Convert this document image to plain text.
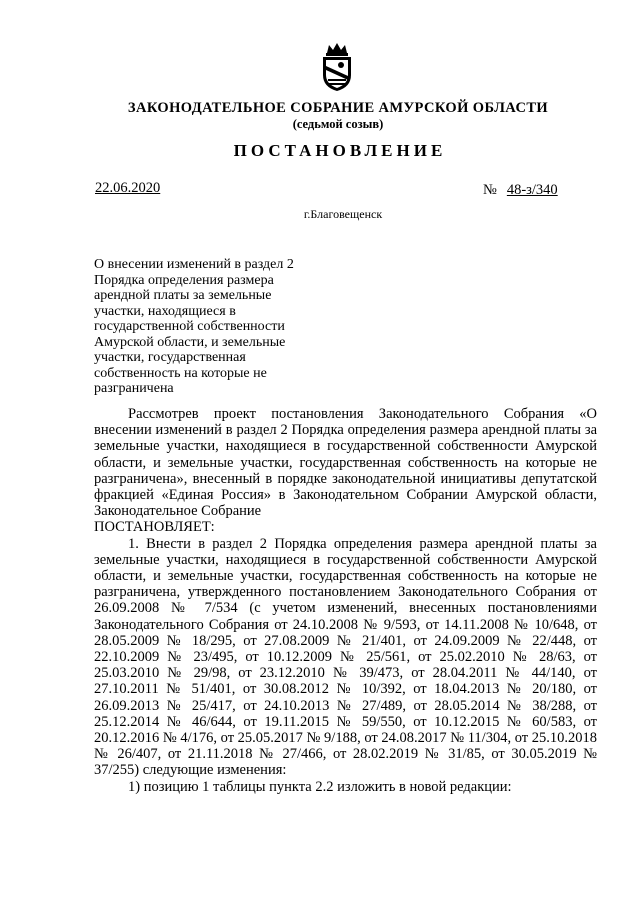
ЗАКОНОДАТЕЛЬНОЕ СОБРАНИЕ АМУРСКОЙ ОБЛАСТИ
(седьмой созыв)
ПОСТАНОВЛЕНИЕ
22.06.2020	№ 48-з/340
г.Благовещенск
О внесении изменений в раздел 2 Порядка определения размера арендной платы за земельные участки, находящиеся в государственной собственности Амурской области, и земельные участки, государственная собственность на которые не разграничена

Рассмотрев проект постановления Законодательного Собрания «О внесении изменений в раздел 2 Порядка определения размера арендной платы за земельные участки, находящиеся в государственной собственности Амурской области, и земельные участки, государственная собственность на которые не разграничена», внесенный в порядке законодательной инициативы депутатской фракцией «Единая Россия» в Законодательном Собрании Амурской области, Законодательное Собрание

ПОСТАНОВЛЯЕТ:

1. Внести в раздел 2 Порядка определения размера арендной платы за земельные участки, находящиеся в государственной собственности Амурской области, и земельные участки, государственная собственность на которые не разграничена, утвержденного постановлением Законодательного Собрания от 26.09.2008 № 7/534 (с учетом изменений, внесенных постановлениями Законодательного Собрания от 24.10.2008 № 9/593, от 14.11.2008 № 10/648, от 28.05.2009 № 18/295, от 27.08.2009 № 21/401, от 24.09.2009 № 22/448, от 22.10.2009 № 23/495, от 10.12.2009 № 25/561, от 25.02.2010 № 28/63, от 25.03.2010 № 29/98, от 23.12.2010 № 39/473, от 28.04.2011 № 44/140, от 27.10.2011 № 51/401, от 30.08.2012 № 10/392, от 18.04.2013 № 20/180, от 26.09.2013 № 25/417, от 24.10.2013 № 27/489, от 28.05.2014 № 38/288, от 25.12.2014 № 46/644, от 19.11.2015 № 59/550, от 10.12.2015 № 60/583, от 20.12.2016 № 4/176, от 25.05.2017 № 9/188, от 24.08.2017 № 11/304, от 25.10.2018 № 26/407, от 21.11.2018 № 27/466, от 28.02.2019 № 31/85, от 30.05.2019 № 37/255) следующие изменения:

1) позицию 1 таблицы пункта 2.2 изложить в новой редакции:
